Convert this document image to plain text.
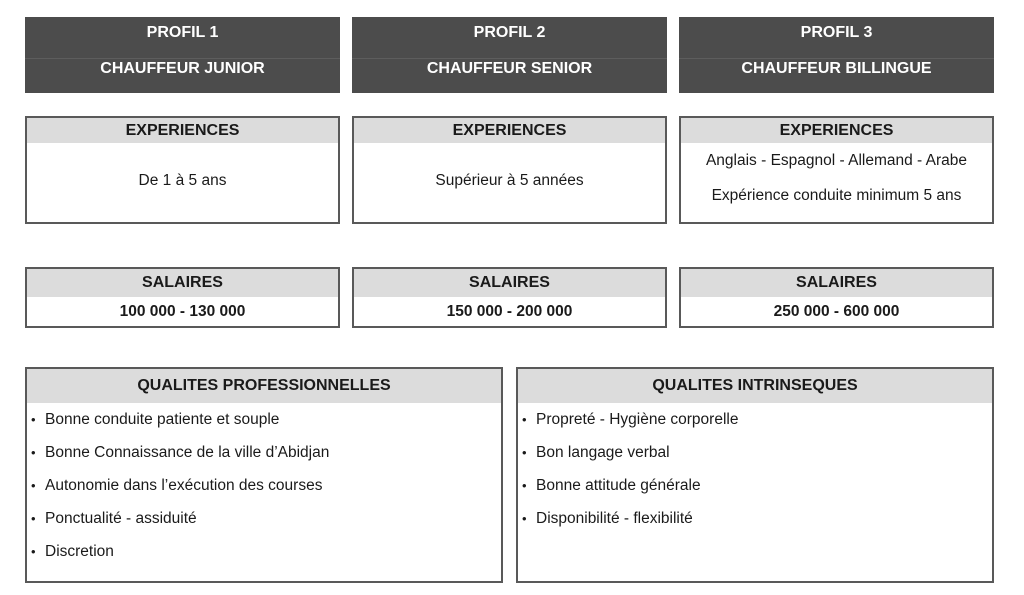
PROFIL 1
CHAUFFEUR JUNIOR
PROFIL 2
CHAUFFEUR SENIOR
PROFIL 3
CHAUFFEUR BILLINGUE
EXPERIENCES
De 1 à 5 ans
EXPERIENCES
Supérieur à 5 années
EXPERIENCES
Anglais - Espagnol - Allemand - Arabe
Expérience conduite minimum 5 ans
SALAIRES
100 000 - 130 000
SALAIRES
150 000 - 200 000
SALAIRES
250 000 - 600 000
QUALITES PROFESSIONNELLES
• Bonne conduite patiente et souple
• Bonne Connaissance de la ville d’Abidjan
• Autonomie dans l’exécution des courses
• Ponctualité - assiduité
• Discretion
QUALITES INTRINSEQUES
• Propreté - Hygiène corporelle
• Bon langage verbal
• Bonne attitude générale
• Disponibilité - flexibilité
